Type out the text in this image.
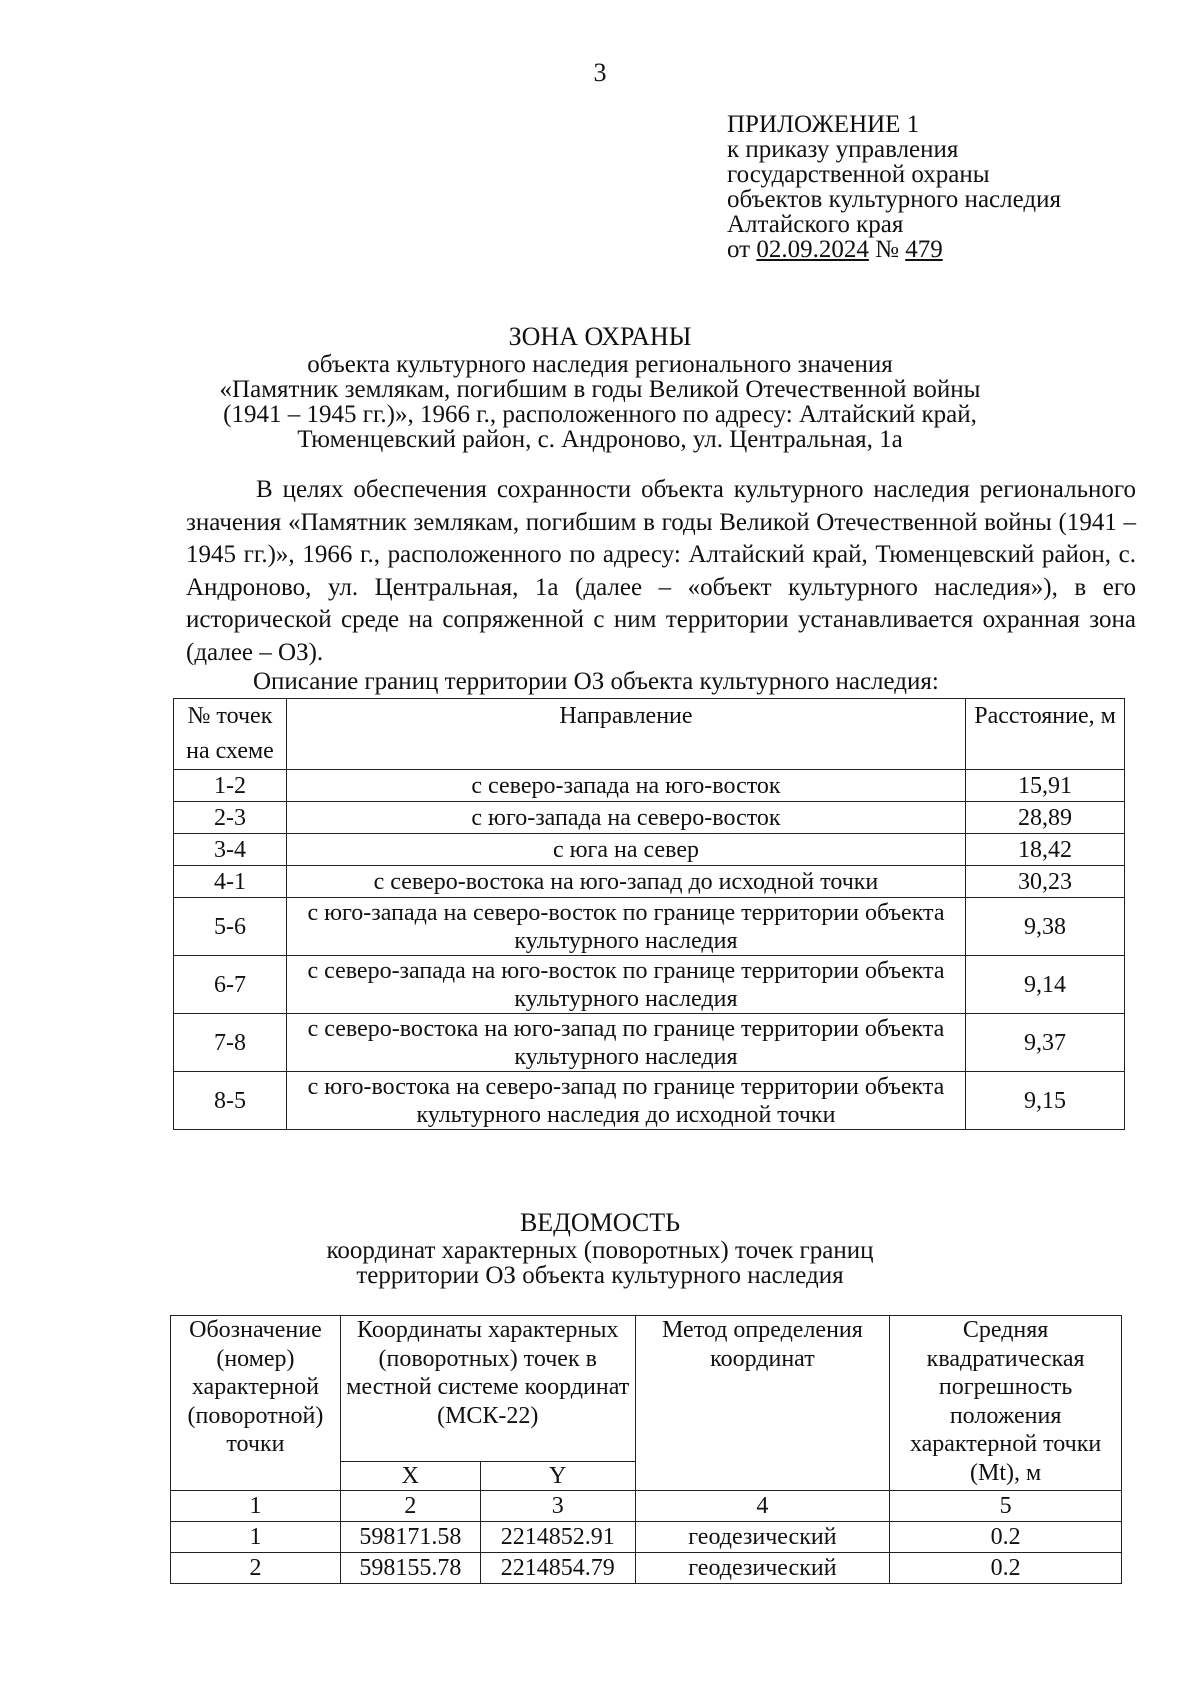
3
ПРИЛОЖЕНИЕ 1
к приказу управления
государственной охраны
объектов культурного наследия
Алтайского края
от 02.09.2024 № 479
ЗОНА ОХРАНЫ
объекта культурного наследия регионального значения
«Памятник землякам, погибшим в годы Великой Отечественной войны
(1941 – 1945 гг.)», 1966 г., расположенного по адресу: Алтайский край,
Тюменцевский район, с. Андроново, ул. Центральная, 1а

В целях обеспечения сохранности объекта культурного наследия регионального значения «Памятник землякам, погибшим в годы Великой Отечественной войны (1941 – 1945 гг.)», 1966 г., расположенного по адресу: Алтайский край, Тюменцевский район, с. Андроново, ул. Центральная, 1а (далее – «объект культурного наследия»), в его исторической среде на сопряженной с ним территории устанавливается охранная зона (далее – ОЗ).

Описание границ территории ОЗ объекта культурного наследия:
№ точек на схеме	Направление	Расстояние, м
1-2	с северо-запада на юго-восток	15,91
2-3	с юго-запада на северо-восток	28,89
3-4	с юга на север	18,42
4-1	с северо-востока на юго-запад до исходной точки	30,23
5-6	с юго-запада на северо-восток по границе территории объекта культурного наследия	9,38
6-7	с северо-запада на юго-восток по границе территории объекта культурного наследия	9,14
7-8	с северо-востока на юго-запад по границе территории объекта культурного наследия	9,37
8-5	с юго-востока на северо-запад по границе территории объекта культурного наследия до исходной точки	9,15
ВЕДОМОСТЬ
координат характерных (поворотных) точек границ
территории ОЗ объекта культурного наследия
Обозначение (номер) характерной (поворотной) точки	Координаты характерных (поворотных) точек в местной системе координат (МСК-22)		Метод определения координат	Средняя квадратическая погрешность положения характерной точки (Mt), м
	X	Y		
1	2	3	4	5
1	598171.58	2214852.91	геодезический	0.2
2	598155.78	2214854.79	геодезический	0.2
